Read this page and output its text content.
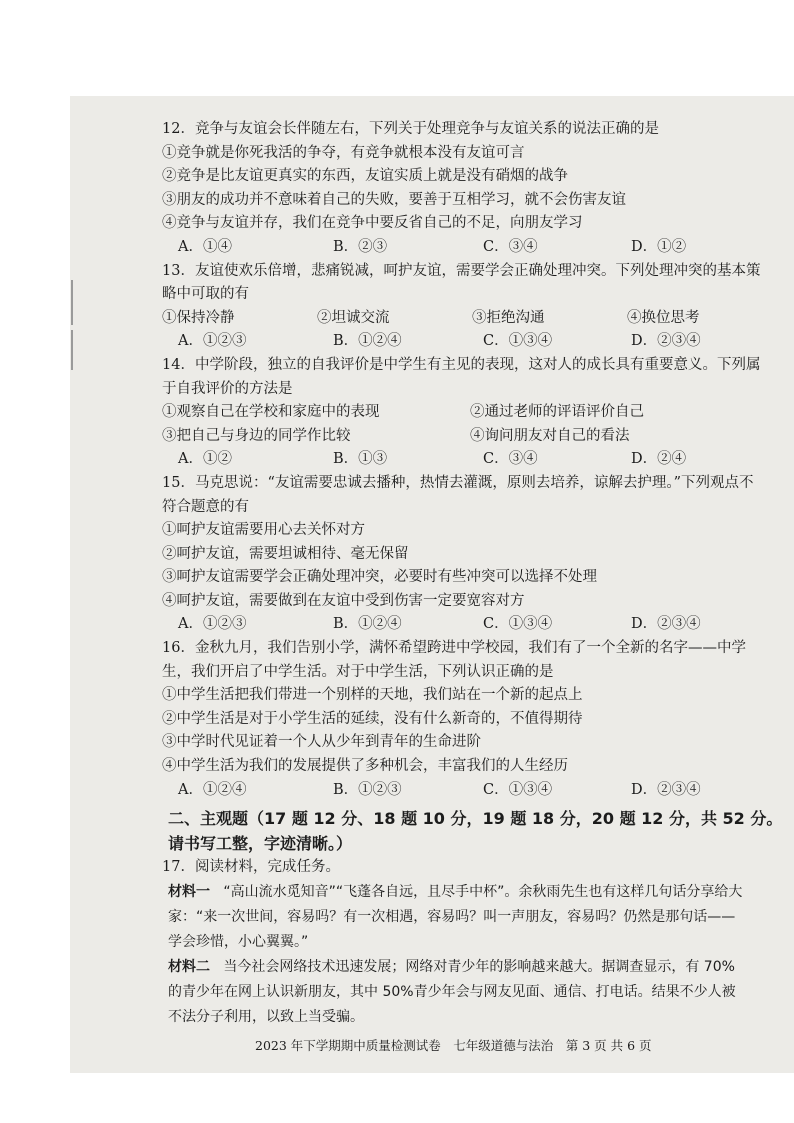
12．竞争与友谊会长伴随左右，下列关于处理竞争与友谊关系的说法正确的是
①竞争就是你死我活的争夺，有竞争就根本没有友谊可言
②竞争是比友谊更真实的东西，友谊实质上就是没有硝烟的战争
③朋友的成功并不意味着自己的失败，要善于互相学习，就不会伤害友谊
④竞争与友谊并存，我们在竞争中要反省自己的不足，向朋友学习
A．①④	B．②③	C．③④	D．①②
13．友谊使欢乐倍增，悲痛锐减，呵护友谊，需要学会正确处理冲突。下列处理冲突的基本策略中可取的有
①保持冷静	②坦诚交流	③拒绝沟通	④换位思考
A．①②③	B．①②④	C．①③④	D．②③④
14．中学阶段，独立的自我评价是中学生有主见的表现，这对人的成长具有重要意义。下列属于自我评价的方法是
①观察自己在学校和家庭中的表现	②通过老师的评语评价自己
③把自己与身边的同学作比较	④询问朋友对自己的看法
A．①②	B．①③	C．③④	D．②④
15．马克思说：“友谊需要忠诚去播种，热情去灌溉，原则去培养，谅解去护理。”下列观点不符合题意的有
①呵护友谊需要用心去关怀对方
②呵护友谊，需要坦诚相待、毫无保留
③呵护友谊需要学会正确处理冲突，必要时有些冲突可以选择不处理
④呵护友谊，需要做到在友谊中受到伤害一定要宽容对方
A．①②③	B．①②④	C．①③④	D．②③④
16．金秋九月，我们告别小学，满怀希望跨进中学校园，我们有了一个全新的名字——中学生，我们开启了中学生活。对于中学生活，下列认识正确的是
①中学生活把我们带进一个别样的天地，我们站在一个新的起点上
②中学生活是对于小学生活的延续，没有什么新奇的，不值得期待
③中学时代见证着一个人从少年到青年的生命进阶
④中学生活为我们的发展提供了多种机会，丰富我们的人生经历
A．①②④	B．①②③	C．①③④	D．②③④
二、主观题（17 题 12 分、18 题 10 分，19 题 18 分，20 题 12 分，共 52 分。
请书写工整，字迹清晰。）
17．阅读材料，完成任务。
材料一 “高山流水觅知音”“飞蓬各自远，且尽手中杯”。余秋雨先生也有这样几句话分享给大家：“来一次世间，容易吗？有一次相遇，容易吗？叫一声朋友，容易吗？仍然是那句话——学会珍惜，小心翼翼。”
材料二 当今社会网络技术迅速发展；网络对青少年的影响越来越大。据调查显示，有 70%的青少年在网上认识新朋友，其中 50%青少年会与网友见面、通信、打电话。结果不少人被不法分子利用，以致上当受骗。
2023 年下学期期中质量检测试卷　七年级道德与法治　第 3 页 共 6 页
